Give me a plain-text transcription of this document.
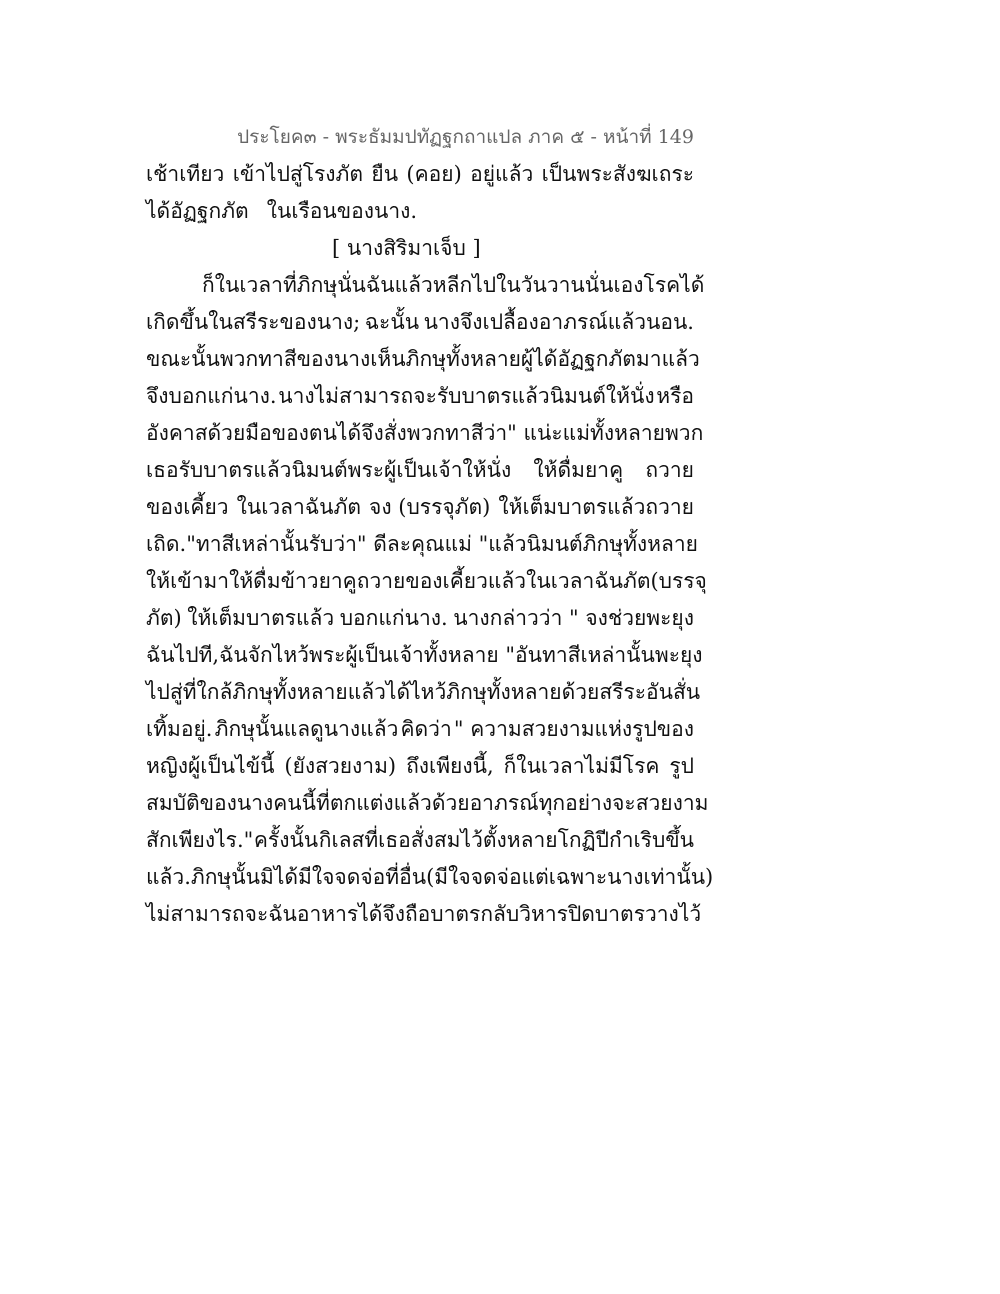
ประโยค๓ - พระธัมมปทัฏฐกถาแปล ภาค ๕ - หน้าที่ 149
เช้าเทียว เข้าไปสู่โรงภัต ยืน (คอย) อยู่แล้ว เป็นพระสังฆเถระ
ได้อัฏฐกภัต ในเรือนของนาง.
[ นางสิริมาเจ็บ ]
ก็ในเวลาที่ภิกษุนั่นฉันแล้ว หลีกไปในวันวานนั่นเอง โรคได้
เกิดขึ้นในสรีระของนาง; ฉะนั้น นางจึงเปลื้องอาภรณ์แล้วนอน.
ขณะนั้น พวกทาสีของนางเห็นภิกษุทั้งหลายผู้ได้อัฏฐกภัตมาแล้ว
จึงบอกแก่นาง. นางไม่สามารถจะรับบาตรแล้วนิมนต์ให้นั่ง หรือ
อังคาสด้วยมือของตนได้ จึงสั่งพวกทาสีว่า " แน่ะแม่ทั้งหลาย พวก
เธอรับบาตรแล้วนิมนต์พระผู้เป็นเจ้าให้นั่ง ให้ดื่มยาคู ถวาย
ของเคี้ยว ในเวลาฉันภัต จง (บรรจุภัต) ให้เต็มบาตรแล้วถวาย
เถิด." ทาสีเหล่านั้นรับว่า " ดีละ คุณแม่ " แล้วนิมนต์ภิกษุทั้งหลาย
ให้เข้ามา ให้ดื่มข้าวยาคู ถวายของเคี้ยวแล้ว ในเวลาฉันภัต (บรรจุ
ภัต) ให้เต็มบาตรแล้ว บอกแก่นาง. นางกล่าวว่า " จงช่วยพะยุง
ฉันไปที, ฉันจักไหว้พระผู้เป็นเจ้าทั้งหลาย " อันทาสีเหล่านั้นพะยุง
ไปสู่ที่ใกล้ภิกษุทั้งหลายแล้ว ได้ไหว้ภิกษุทั้งหลายด้วยสรีระอันสั่น
เทิ้มอยู่. ภิกษุนั้นแลดูนางแล้ว คิดว่า " ความสวยงามแห่งรูปของ
หญิงผู้เป็นไข้นี้ (ยังสวยงาม) ถึงเพียงนี้, ก็ในเวลาไม่มีโรค รูป
สมบัติของนางคนนี้ ที่ตกแต่งแล้วด้วยอาภรณ์ทุกอย่าง จะสวยงาม
สักเพียงไร." ครั้งนั้น กิเลสที่เธอสั่งสมไว้ตั้งหลายโกฏิปีกำเริบขึ้น
แล้ว. ภิกษุนั้นมิได้มีใจจดจ่อที่อื่น (มีใจจดจ่อแต่เฉพาะนางเท่านั้น)
ไม่สามารถจะฉันอาหารได้ จึงถือบาตร กลับวิหาร ปิดบาตรวางไว้
